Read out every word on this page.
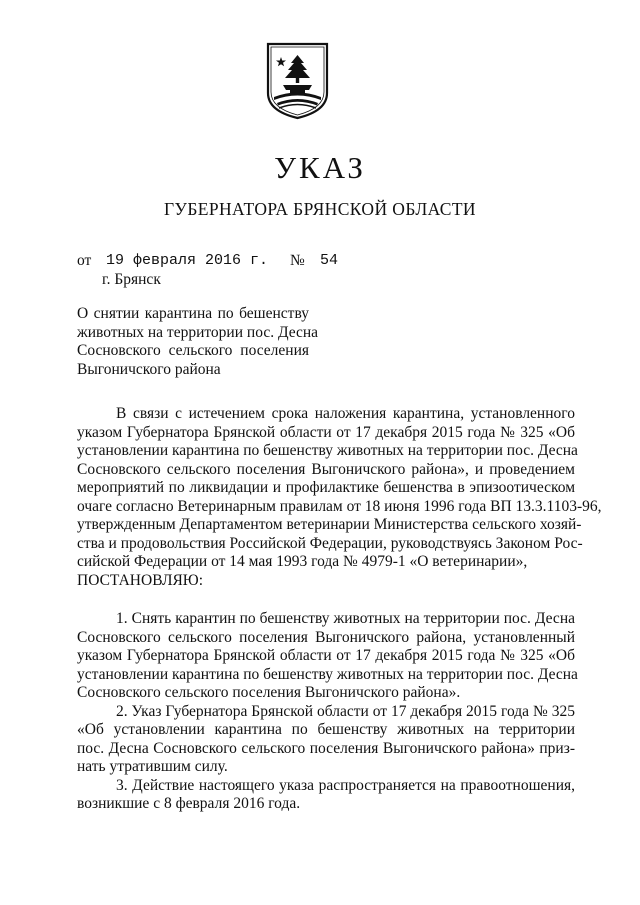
УКАЗ
ГУБЕРНАТОРА БРЯНСКОЙ ОБЛАСТИ
от 19 февраля 2016 г. № 54
г. Брянск
О снятии карантина по бешенству
животных на территории пос. Десна
Сосновского сельского поселения
Выгоничского района
В связи с истечением срока наложения карантина, установленного
указом Губернатора Брянской области от 17 декабря 2015 года № 325 «Об
установлении карантина по бешенству животных на территории пос. Десна
Сосновского сельского поселения Выгоничского района», и проведением
мероприятий по ликвидации и профилактике бешенства в эпизоотическом
очаге согласно Ветеринарным правилам от 18 июня 1996 года ВП 13.3.1103-96,
утвержденным Департаментом ветеринарии Министерства сельского хозяй-
ства и продовольствия Российской Федерации, руководствуясь Законом Рос-
сийской Федерации от 14 мая 1993 года № 4979-1 «О ветеринарии»,
ПОСТАНОВЛЯЮ:
1. Снять карантин по бешенству животных на территории пос. Десна
Сосновского сельского поселения Выгоничского района, установленный
указом Губернатора Брянской области от 17 декабря 2015 года № 325 «Об
установлении карантина по бешенству животных на территории пос. Десна
Сосновского сельского поселения Выгоничского района».
2. Указ Губернатора Брянской области от 17 декабря 2015 года № 325
«Об установлении карантина по бешенству животных на территории
пос. Десна Сосновского сельского поселения Выгоничского района» приз-
нать утратившим силу.
3. Действие настоящего указа распространяется на правоотношения,
возникшие с 8 февраля 2016 года.
